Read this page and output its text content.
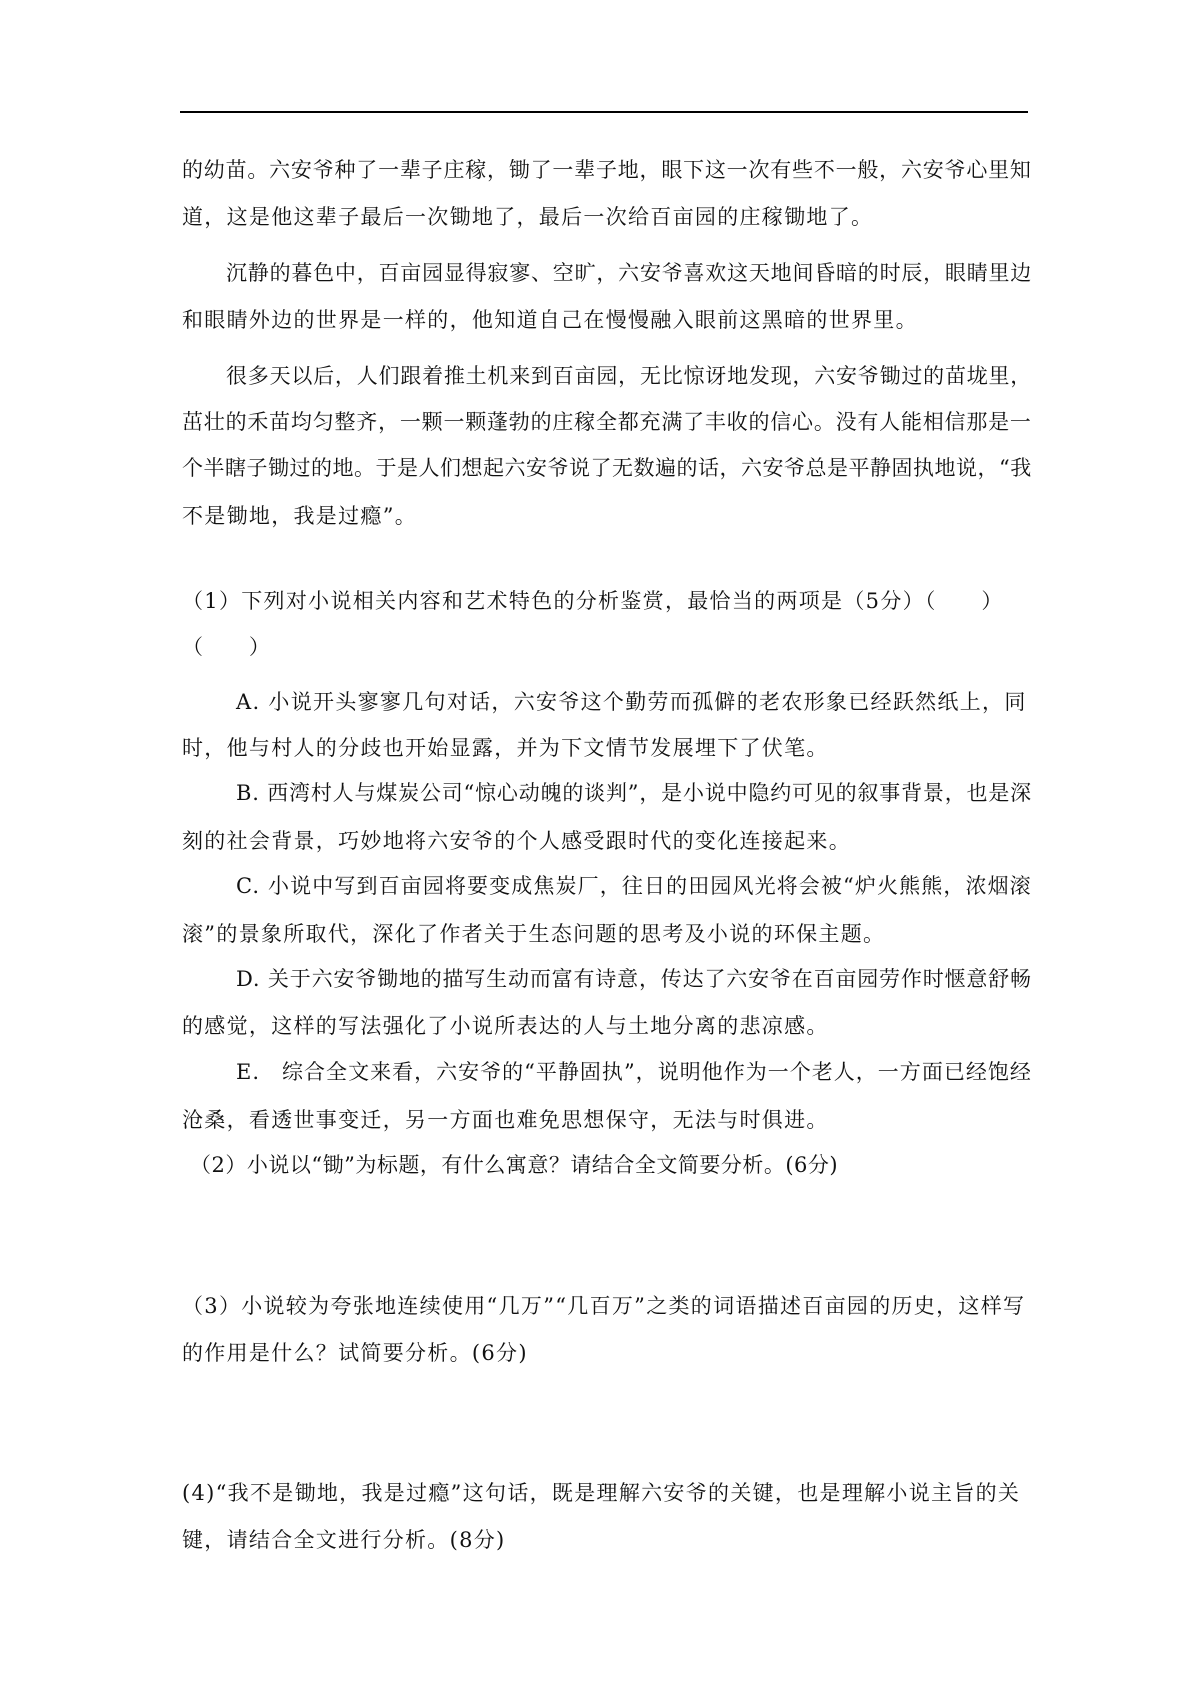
的幼苗。六安爷种了一辈子庄稼，锄了一辈子地，眼下这一次有些不一般，六安爷心里知
道，这是他这辈子最后一次锄地了，最后一次给百亩园的庄稼锄地了。
沉静的暮色中，百亩园显得寂寥、空旷，六安爷喜欢这天地间昏暗的时辰，眼睛里边
和眼睛外边的世界是一样的，他知道自己在慢慢融入眼前这黑暗的世界里。
很多天以后，人们跟着推土机来到百亩园，无比惊讶地发现，六安爷锄过的苗垅里，
茁壮的禾苗均匀整齐，一颗一颗蓬勃的庄稼全都充满了丰收的信心。没有人能相信那是一
个半瞎子锄过的地。于是人们想起六安爷说了无数遍的话，六安爷总是平静固执地说，“我
不是锄地，我是过瘾”。
（1）下列对小说相关内容和艺术特色的分析鉴赏，最恰当的两项是（5分）（　　）
（　　）
A. 小说开头寥寥几句对话，六安爷这个勤劳而孤僻的老农形象已经跃然纸上，同
时，他与村人的分歧也开始显露，并为下文情节发展埋下了伏笔。
B. 西湾村人与煤炭公司“惊心动魄的谈判”，是小说中隐约可见的叙事背景，也是深
刻的社会背景，巧妙地将六安爷的个人感受跟时代的变化连接起来。
C. 小说中写到百亩园将要变成焦炭厂，往日的田园风光将会被“炉火熊熊，浓烟滚
滚”的景象所取代，深化了作者关于生态问题的思考及小说的环保主题。
D. 关于六安爷锄地的描写生动而富有诗意，传达了六安爷在百亩园劳作时惬意舒畅
的感觉，这样的写法强化了小说所表达的人与土地分离的悲凉感。
E.　综合全文来看，六安爷的“平静固执”，说明他作为一个老人，一方面已经饱经
沧桑，看透世事变迁，另一方面也难免思想保守，无法与时俱进。
（2）小说以“锄”为标题，有什么寓意？请结合全文简要分析。(6分)
（3）小说较为夸张地连续使用“几万”“几百万”之类的词语描述百亩园的历史，这样写
的作用是什么？试简要分析。(6分)
(4)“我不是锄地，我是过瘾”这句话，既是理解六安爷的关键，也是理解小说主旨的关
键，请结合全文进行分析。(8分)
